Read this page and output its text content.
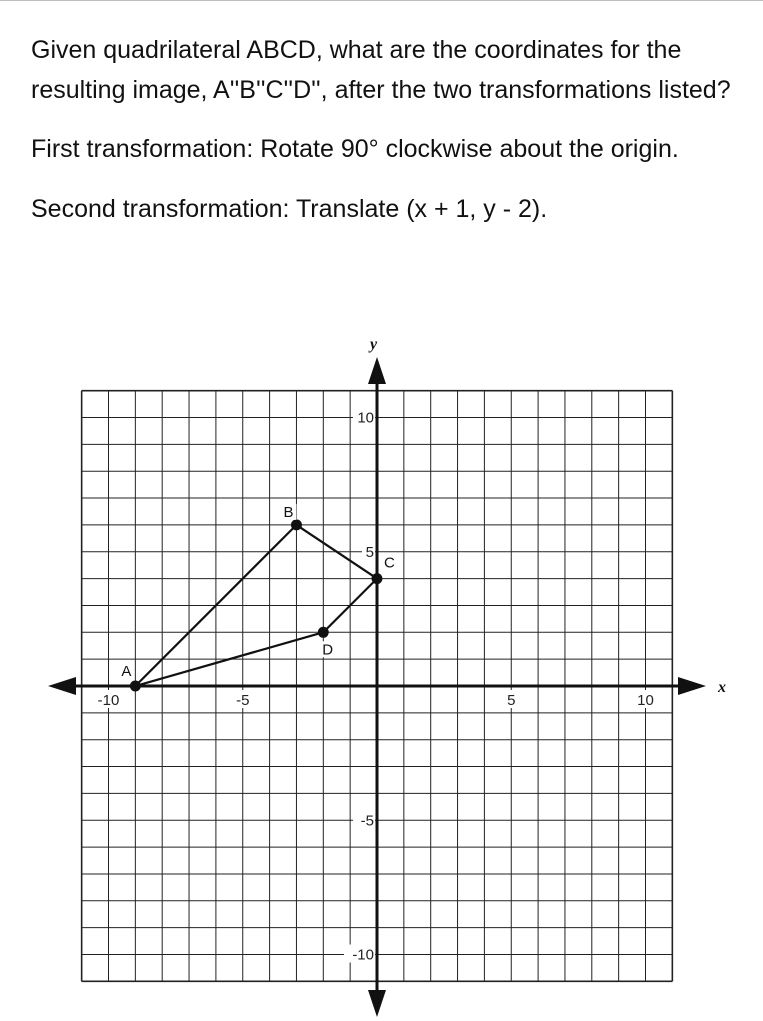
Given quadrilateral ABCD, what are the coordinates for the resulting image, A''B''C''D'', after the two transformations listed?

First transformation: Rotate 90° clockwise about the origin.

Second transformation: Translate (x + 1, y - 2).

x
y
-10	-5	5	10
10
5
-5
-10
A
B
C
D
